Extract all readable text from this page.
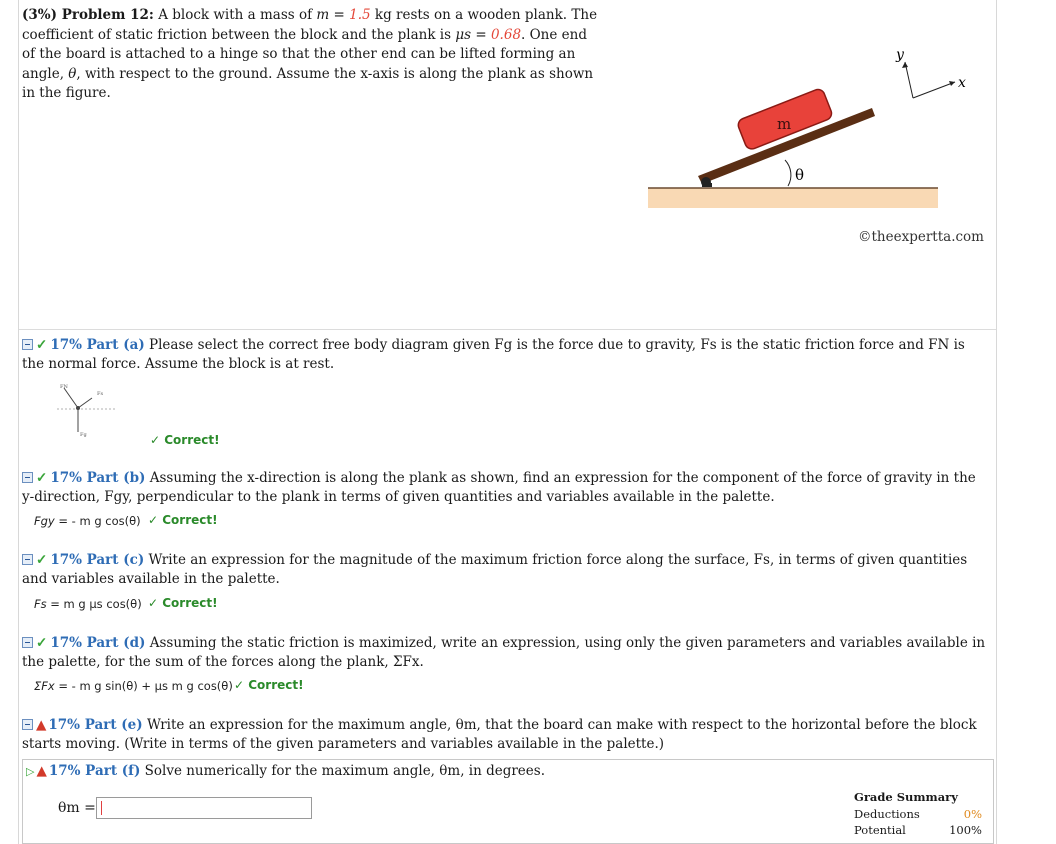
(3%) Problem 12: A block with a mass of m = 1.5 kg rests on a wooden plank. The coefficient of static friction between the block and the plank is μs = 0.68. One end of the board is attached to a hinge so that the other end can be lifted forming an angle, θ, with respect to the ground. Assume the x-axis is along the plank as shown in the figure.
m
θ
x
y
©theexpertta.com
✓ 17% Part (a) Please select the correct free body diagram given Fg is the force due to gravity, Fs is the static friction force and FN is the normal force. Assume the block is at rest.
FN
Fs
Fg	✓ Correct!
✓ 17% Part (b) Assuming the x-direction is along the plank as shown, find an expression for the component of the force of gravity in the y-direction, Fgy, perpendicular to the plank in terms of given quantities and variables available in the palette.
Fgy = - m g cos(θ) ✓ Correct!
✓ 17% Part (c) Write an expression for the magnitude of the maximum friction force along the surface, Fs, in terms of given quantities and variables available in the palette.
Fs = m g μs cos(θ) ✓ Correct!
✓ 17% Part (d) Assuming the static friction is maximized, write an expression, using only the given parameters and variables available in the palette, for the sum of the forces along the plank, ΣFx.
ΣFx = - m g sin(θ) + μs m g cos(θ) ✓ Correct!
▲ 17% Part (e) Write an expression for the maximum angle, θm, that the board can make with respect to the horizontal before the block starts moving. (Write in terms of the given parameters and variables available in the palette.)
▷ ▲ 17% Part (f) Solve numerically for the maximum angle, θm, in degrees.
θm =
Grade Summary
Deductions	0%
Potential	100%
